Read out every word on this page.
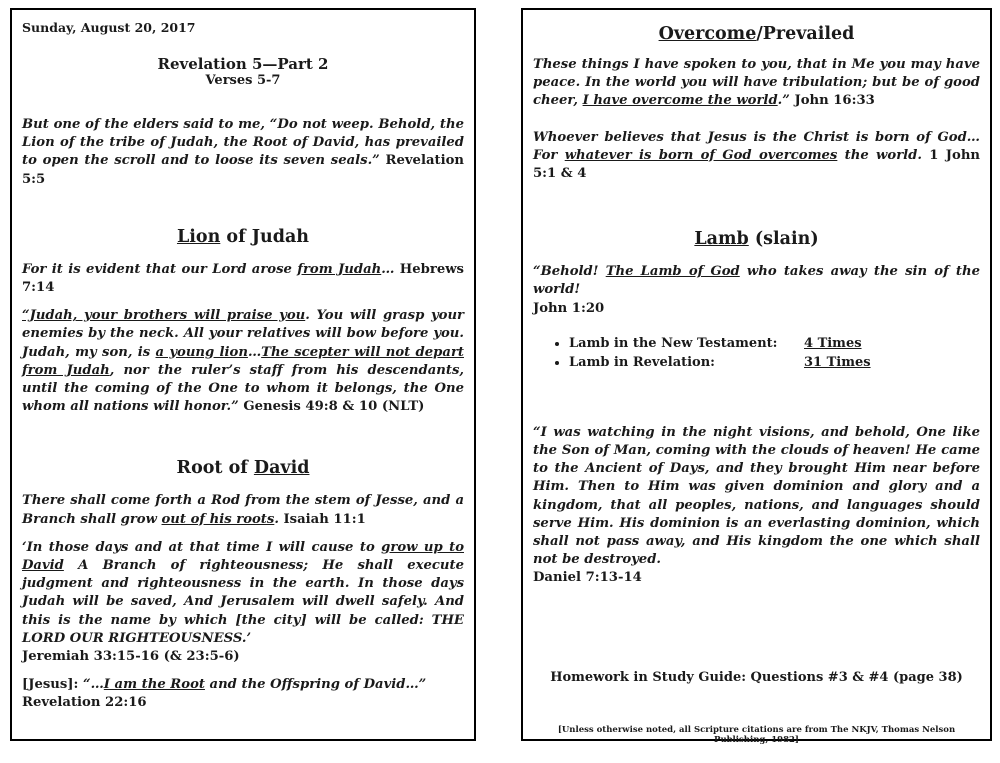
Sunday, August 20, 2017
Revelation 5—Part 2
Verses 5-7

But one of the elders said to me, “Do not weep. Behold, the Lion of the tribe of Judah, the Root of David, has prevailed to open the scroll and to loose its seven seals.” Revelation 5:5

Lion of Judah

For it is evident that our Lord arose from Judah… Hebrews 7:14

“Judah, your brothers will praise you. You will grasp your enemies by the neck. All your relatives will bow before you. Judah, my son, is a young lion…The scepter will not depart from Judah, nor the ruler’s staff from his descendants, until the coming of the One to whom it belongs, the One whom all nations will honor.” Genesis 49:8 & 10 (NLT)

Root of David

There shall come forth a Rod from the stem of Jesse, and a Branch shall grow out of his roots. Isaiah 11:1

‘In those days and at that time I will cause to grow up to David A Branch of righteousness; He shall execute judgment and righteousness in the earth. In those days Judah will be saved, And Jerusalem will dwell safely. And this is the name by which [the city] will be called: THE LORD OUR RIGHTEOUSNESS.’
Jeremiah 33:15-16 (& 23:5-6)

[Jesus]: “…I am the Root and the Offspring of David…”
Revelation 22:16

Overcome/Prevailed

These things I have spoken to you, that in Me you may have peace. In the world you will have tribulation; but be of good cheer, I have overcome the world.” John 16:33

Whoever believes that Jesus is the Christ is born of God…For whatever is born of God overcomes the world. 1 John 5:1 & 4

Lamb (slain)

“Behold! The Lamb of God who takes away the sin of the world!
John 1:20

• Lamb in the New Testament:	4 Times
• Lamb in Revelation:	31 Times

“I was watching in the night visions, and behold, One like the Son of Man, coming with the clouds of heaven! He came to the Ancient of Days, and they brought Him near before Him. Then to Him was given dominion and glory and a kingdom, that all peoples, nations, and languages should serve Him. His dominion is an everlasting dominion, which shall not pass away, and His kingdom the one which shall not be destroyed.
Daniel 7:13-14

Homework in Study Guide: Questions #3 & #4 (page 38)
[Unless otherwise noted, all Scripture citations are from The NKJV, Thomas Nelson Publishing, 1982]
